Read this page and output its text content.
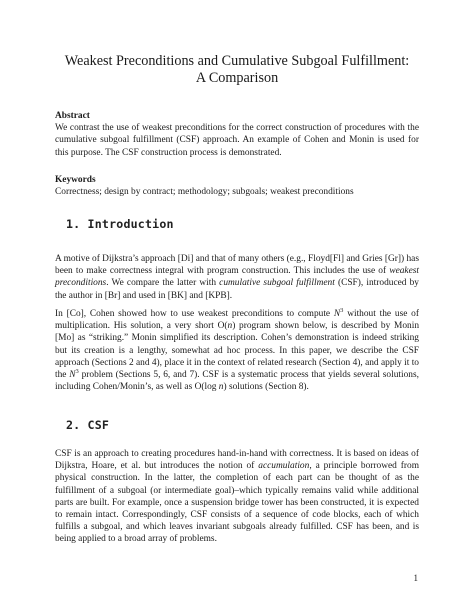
Weakest Preconditions and Cumulative Subgoal Fulfillment:
A Comparison
Abstract

We contrast the use of weakest preconditions for the correct construction of procedures with the cumulative subgoal fulfillment (CSF) approach. An example of Cohen and Monin is used for this purpose. The CSF construction process is demonstrated.

Keywords

Correctness; design by contract; methodology; subgoals; weakest preconditions

1. Introduction

A motive of Dijkstra’s approach [Di] and that of many others (e.g., Floyd[Fl] and Gries [Gr]) has been to make correctness integral with program construction. This includes the use of weakest preconditions. We compare the latter with cumulative subgoal fulfillment (CSF), introduced by the author in [Br] and used in [BK] and [KPB].

In [Co], Cohen showed how to use weakest preconditions to compute $N^3$ without the use of multiplication. His solution, a very short O(n) program shown below, is described by Monin [Mo] as “striking.” Monin simplified its description. Cohen’s demonstration is indeed striking but its creation is a lengthy, somewhat ad hoc process. In this paper, we describe the CSF approach (Sections 2 and 4), place it in the context of related research (Section 4), and apply it to the $N^3$ problem (Sections 5, 6, and 7). CSF is a systematic process that yields several solutions, including Cohen/Monin’s, as well as O(log n) solutions (Section 8).

2. CSF

CSF is an approach to creating procedures hand-in-hand with correctness. It is based on ideas of Dijkstra, Hoare, et al. but introduces the notion of accumulation, a principle borrowed from physical construction. In the latter, the completion of each part can be thought of as the fulfillment of a subgoal (or intermediate goal)–which typically remains valid while additional parts are built. For example, once a suspension bridge tower has been constructed, it is expected to remain intact. Correspondingly, CSF consists of a sequence of code blocks, each of which fulfills a subgoal, and which leaves invariant subgoals already fulfilled. CSF has been, and is being applied to a broad array of problems.

1
